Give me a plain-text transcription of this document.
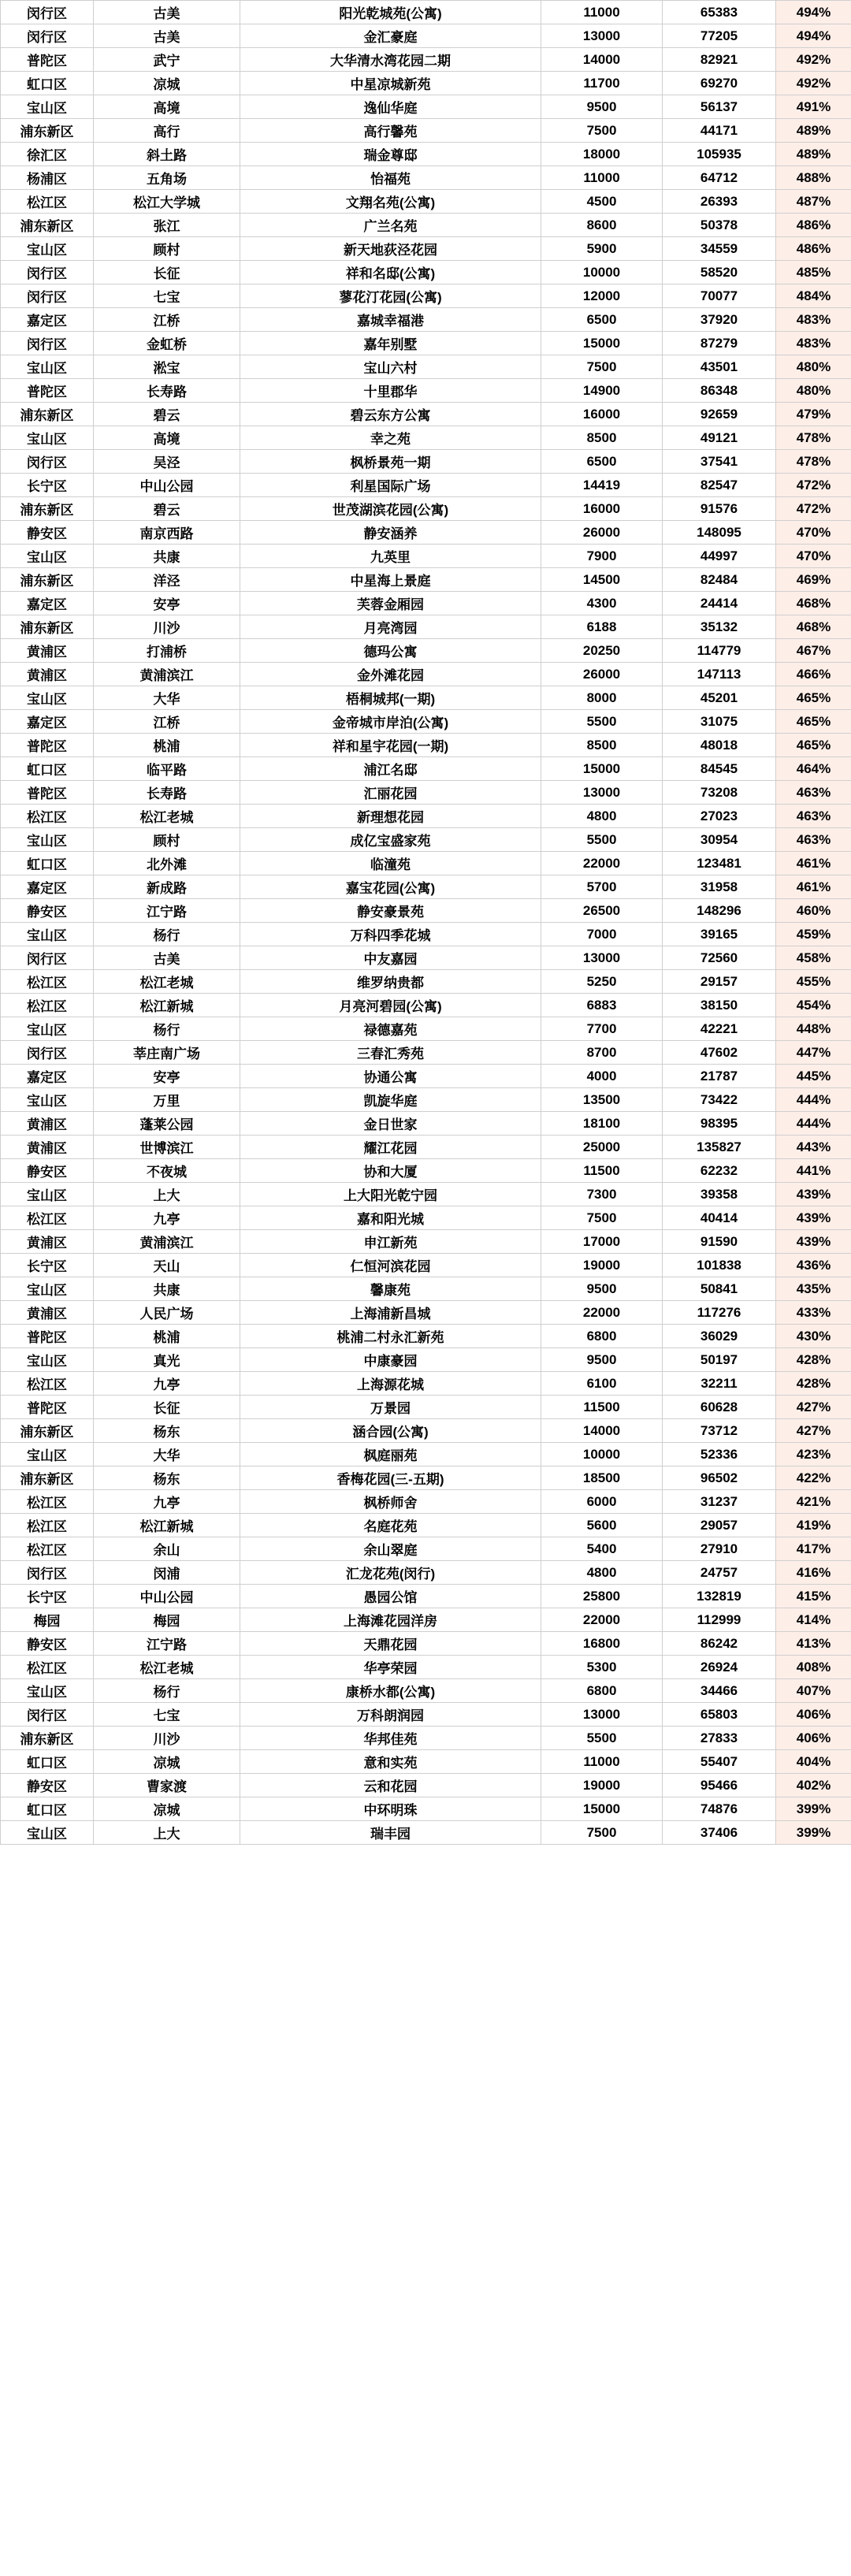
闵行区	古美	阳光乾城苑(公寓)	11000	65383	494%
闵行区	古美	金汇豪庭	13000	77205	494%
普陀区	武宁	大华清水湾花园二期	14000	82921	492%
虹口区	凉城	中星凉城新苑	11700	69270	492%
宝山区	高境	逸仙华庭	9500	56137	491%
浦东新区	高行	高行馨苑	7500	44171	489%
徐汇区	斜土路	瑞金尊邸	18000	105935	489%
杨浦区	五角场	怡福苑	11000	64712	488%
松江区	松江大学城	文翔名苑(公寓)	4500	26393	487%
浦东新区	张江	广兰名苑	8600	50378	486%
宝山区	顾村	新天地荻泾花园	5900	34559	486%
闵行区	长征	祥和名邸(公寓)	10000	58520	485%
闵行区	七宝	蓼花汀花园(公寓)	12000	70077	484%
嘉定区	江桥	嘉城幸福港	6500	37920	483%
闵行区	金虹桥	嘉年别墅	15000	87279	483%
宝山区	淞宝	宝山六村	7500	43501	480%
普陀区	长寿路	十里郡华	14900	86348	480%
浦东新区	碧云	碧云东方公寓	16000	92659	479%
宝山区	高境	幸之苑	8500	49121	478%
闵行区	吴泾	枫桥景苑一期	6500	37541	478%
长宁区	中山公园	利星国际广场	14419	82547	472%
浦东新区	碧云	世茂湖滨花园(公寓)	16000	91576	472%
静安区	南京西路	静安涵养	26000	148095	470%
宝山区	共康	九英里	7900	44997	470%
浦东新区	洋泾	中星海上景庭	14500	82484	469%
嘉定区	安亭	芙蓉金厢园	4300	24414	468%
浦东新区	川沙	月亮湾园	6188	35132	468%
黄浦区	打浦桥	德玛公寓	20250	114779	467%
黄浦区	黄浦滨江	金外滩花园	26000	147113	466%
宝山区	大华	梧桐城邦(一期)	8000	45201	465%
嘉定区	江桥	金帝城市岸泊(公寓)	5500	31075	465%
普陀区	桃浦	祥和星宇花园(一期)	8500	48018	465%
虹口区	临平路	浦江名邸	15000	84545	464%
普陀区	长寿路	汇丽花园	13000	73208	463%
松江区	松江老城	新理想花园	4800	27023	463%
宝山区	顾村	成亿宝盛家苑	5500	30954	463%
虹口区	北外滩	临潼苑	22000	123481	461%
嘉定区	新成路	嘉宝花园(公寓)	5700	31958	461%
静安区	江宁路	静安豪景苑	26500	148296	460%
宝山区	杨行	万科四季花城	7000	39165	459%
闵行区	古美	中友嘉园	13000	72560	458%
松江区	松江老城	维罗纳贵都	5250	29157	455%
松江区	松江新城	月亮河碧园(公寓)	6883	38150	454%
宝山区	杨行	禄德嘉苑	7700	42221	448%
闵行区	莘庄南广场	三春汇秀苑	8700	47602	447%
嘉定区	安亭	协通公寓	4000	21787	445%
宝山区	万里	凯旋华庭	13500	73422	444%
黄浦区	蓬莱公园	金日世家	18100	98395	444%
黄浦区	世博滨江	耀江花园	25000	135827	443%
静安区	不夜城	协和大厦	11500	62232	441%
宝山区	上大	上大阳光乾宁园	7300	39358	439%
松江区	九亭	嘉和阳光城	7500	40414	439%
黄浦区	黄浦滨江	申江新苑	17000	91590	439%
长宁区	天山	仁恒河滨花园	19000	101838	436%
宝山区	共康	馨康苑	9500	50841	435%
黄浦区	人民广场	上海浦新昌城	22000	117276	433%
普陀区	桃浦	桃浦二村永汇新苑	6800	36029	430%
宝山区	真光	中康豪园	9500	50197	428%
松江区	九亭	上海源花城	6100	32211	428%
普陀区	长征	万景园	11500	60628	427%
浦东新区	杨东	涵合园(公寓)	14000	73712	427%
宝山区	大华	枫庭丽苑	10000	52336	423%
浦东新区	杨东	香梅花园(三-五期)	18500	96502	422%
松江区	九亭	枫桥师舍	6000	31237	421%
松江区	松江新城	名庭花苑	5600	29057	419%
松江区	余山	余山翠庭	5400	27910	417%
闵行区	闵浦	汇龙花苑(闵行)	4800	24757	416%
长宁区	中山公园	愚园公馆	25800	132819	415%
梅园	梅园	上海滩花园洋房	22000	112999	414%
静安区	江宁路	天鼎花园	16800	86242	413%
松江区	松江老城	华亭荣园	5300	26924	408%
宝山区	杨行	康桥水都(公寓)	6800	34466	407%
闵行区	七宝	万科朗润园	13000	65803	406%
浦东新区	川沙	华邦佳苑	5500	27833	406%
虹口区	凉城	意和实苑	11000	55407	404%
静安区	曹家渡	云和花园	19000	95466	402%
虹口区	凉城	中环明珠	15000	74876	399%
宝山区	上大	瑞丰园	7500	37406	399%
